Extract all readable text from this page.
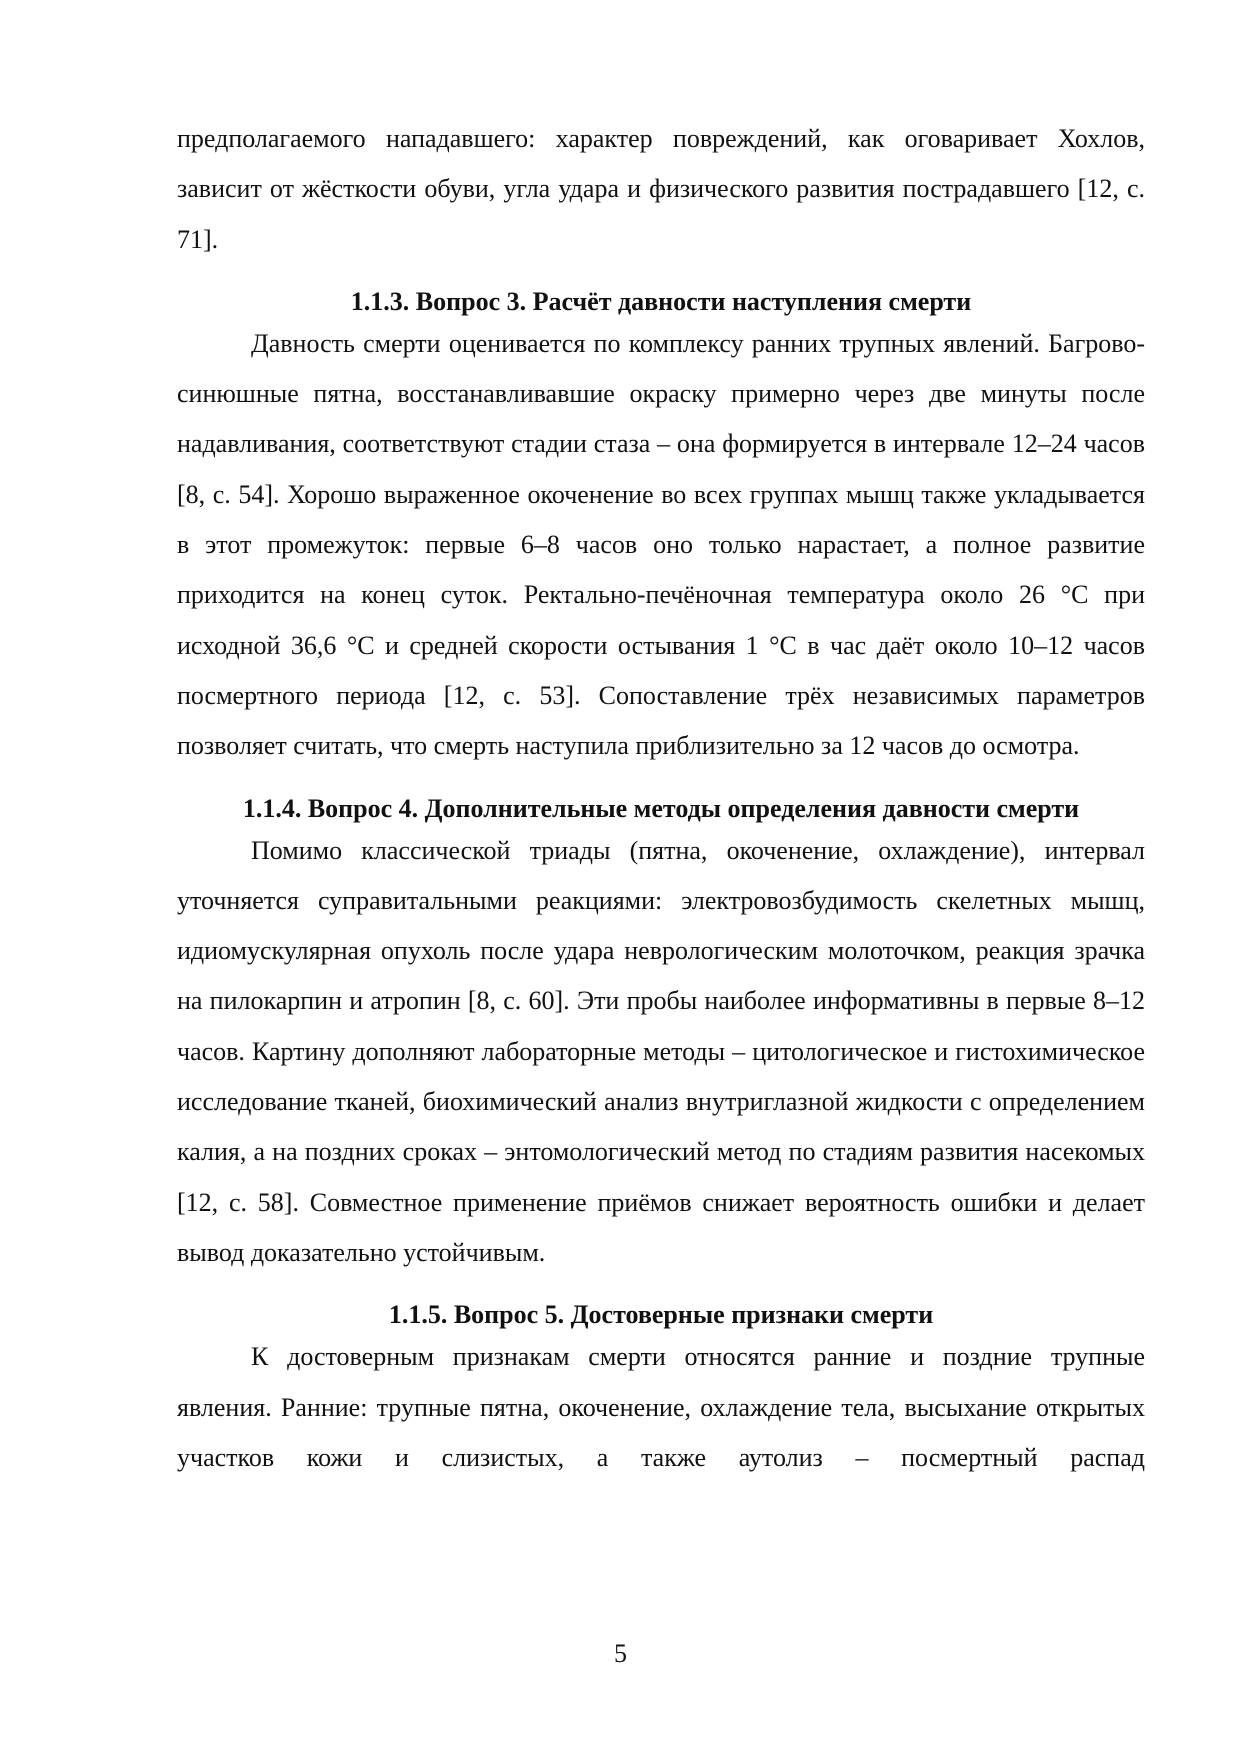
предполагаемого нападавшего: характер повреждений, как оговаривает Хохлов, зависит от жёсткости обуви, угла удара и физического развития пострадавшего [12, с. 71].

1.1.3. Вопрос 3. Расчёт давности наступления смерти

Давность смерти оценивается по комплексу ранних трупных явлений. Багрово-синюшные пятна, восстанавливавшие окраску примерно через две минуты после надавливания, соответствуют стадии стаза – она формируется в интервале 12–24 часов [8, с. 54]. Хорошо выраженное окоченение во всех группах мышц также укладывается в этот промежуток: первые 6–8 часов оно только нарастает, а полное развитие приходится на конец суток. Ректально-печёночная температура около 26 °С при исходной 36,6 °С и средней скорости остывания 1 °С в час даёт около 10–12 часов посмертного периода [12, с. 53]. Сопоставление трёх независимых параметров позволяет считать, что смерть наступила приблизительно за 12 часов до осмотра.

1.1.4. Вопрос 4. Дополнительные методы определения давности смерти

Помимо классической триады (пятна, окоченение, охлаждение), интервал уточняется суправитальными реакциями: электровозбудимость скелетных мышц, идиомускулярная опухоль после удара неврологическим молоточком, реакция зрачка на пилокарпин и атропин [8, с. 60]. Эти пробы наиболее информативны в первые 8–12 часов. Картину дополняют лабораторные методы – цитологическое и гистохимическое исследование тканей, биохимический анализ внутриглазной жидкости с определением калия, а на поздних сроках – энтомологический метод по стадиям развития насекомых [12, с. 58]. Совместное применение приёмов снижает вероятность ошибки и делает вывод доказательно устойчивым.

1.1.5. Вопрос 5. Достоверные признаки смерти

К достоверным признакам смерти относятся ранние и поздние трупные явления. Ранние: трупные пятна, окоченение, охлаждение тела, высыхание открытых участков кожи и слизистых, а также аутолиз – посмертный распад

5
